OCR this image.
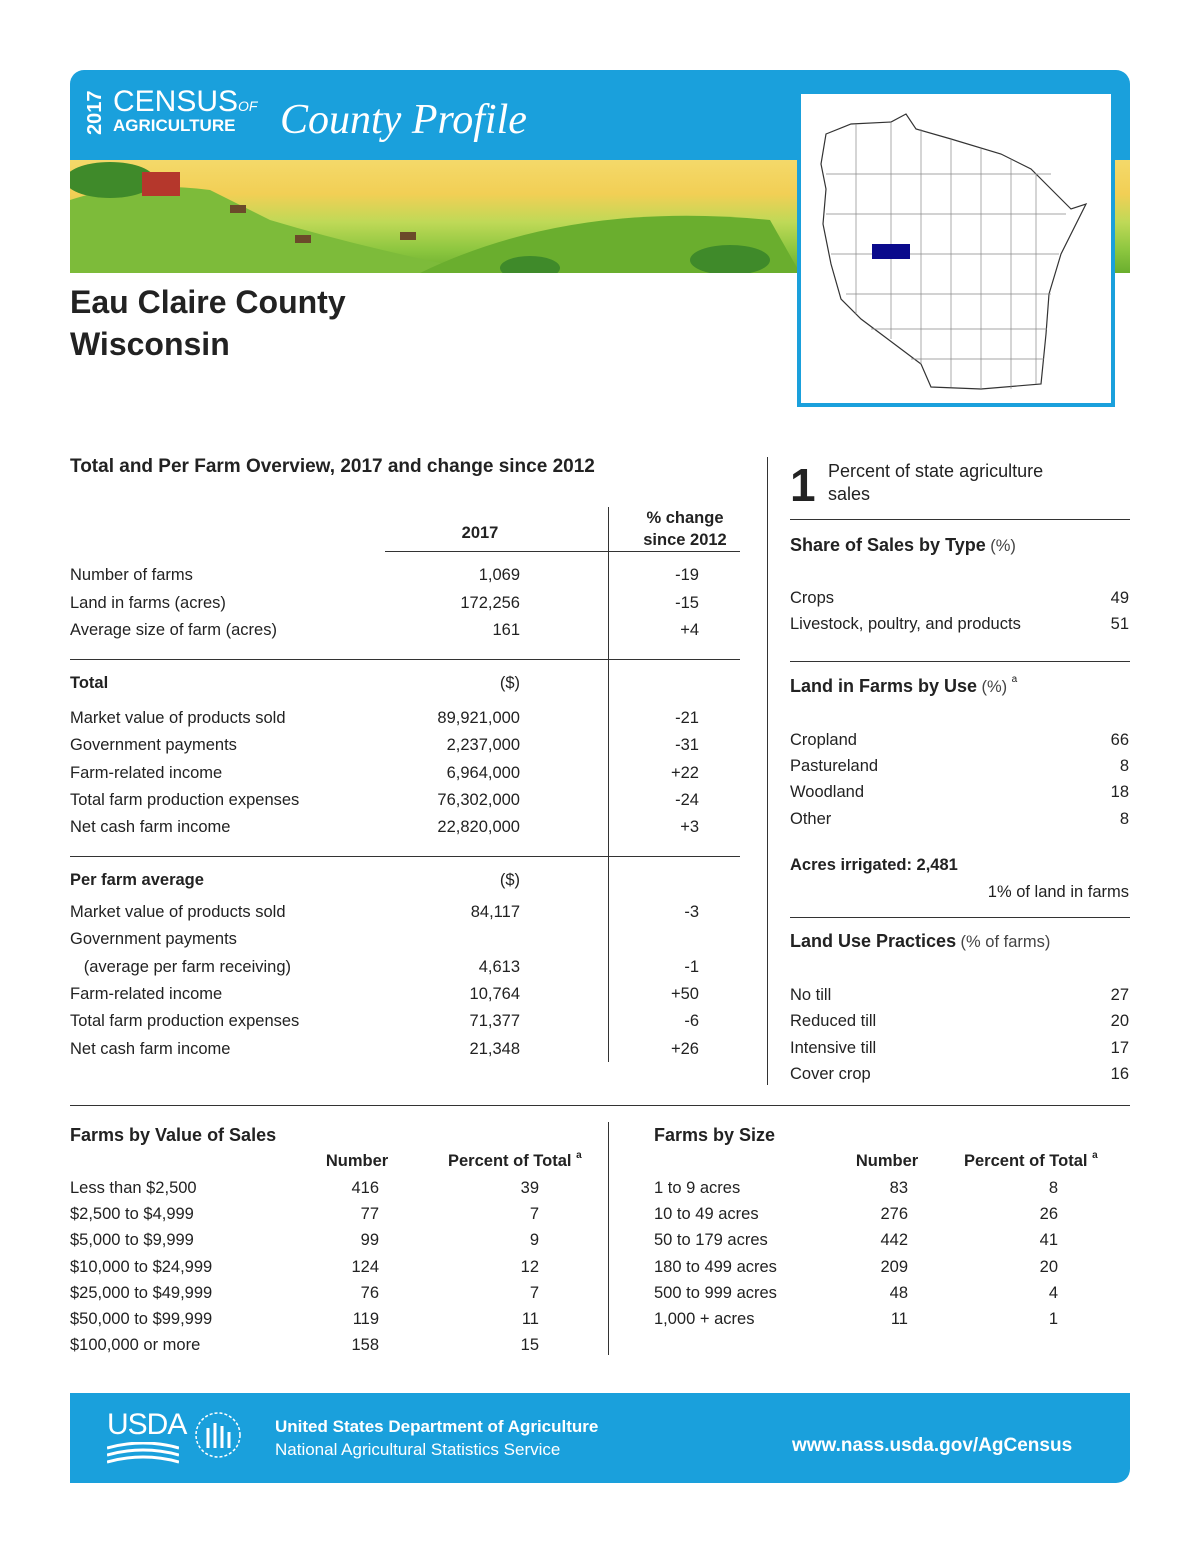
2017 CENSUSOF
AGRICULTURE County Profile
Eau Claire County
Wisconsin
Total and Per Farm Overview, 2017 and change since 2012
2017
% change
since 2012
Number of farms	1,069	-19
Land in farms (acres)	172,256	-15
Average size of farm (acres)	161	+4
Total	($)
Market value of products sold	89,921,000	-21
Government payments	2,237,000	-31
Farm-related income	6,964,000	+22
Total farm production expenses	76,302,000	-24
Net cash farm income	22,820,000	+3
Per farm average	($)
Market value of products sold	84,117	-3
Government payments
(average per farm receiving)	4,613	-1
Farm-related income	10,764	+50
Total farm production expenses	71,377	-6
Net cash farm income	21,348	+26
1 Percent of state agriculture
sales
Share of Sales by Type (%)
Crops	49
Livestock, poultry, and products	51
Land in Farms by Use (%) $^a$
Cropland	66
Pastureland	8
Woodland	18
Other	8
Acres irrigated: 2,481
1% of land in farms
Land Use Practices (% of farms)
No till	27
Reduced till	20
Intensive till	17
Cover crop	16
Farms by Value of Sales
Number	Percent of Total $^a$
Less than $2,500	416	39
$2,500 to $4,999	77	7
$5,000 to $9,999	99	9
$10,000 to $24,999	124	12
$25,000 to $49,999	76	7
$50,000 to $99,999	119	11
$100,000 or more	158	15
Farms by Size
Number	Percent of Total $^a$
1 to 9 acres	83	8
10 to 49 acres	276	26
50 to 179 acres	442	41
180 to 499 acres	209	20
500 to 999 acres	48	4
1,000 + acres	11	1
USDA	United States Department of Agriculture
National Agricultural Statistics Service	www.nass.usda.gov/AgCensus
